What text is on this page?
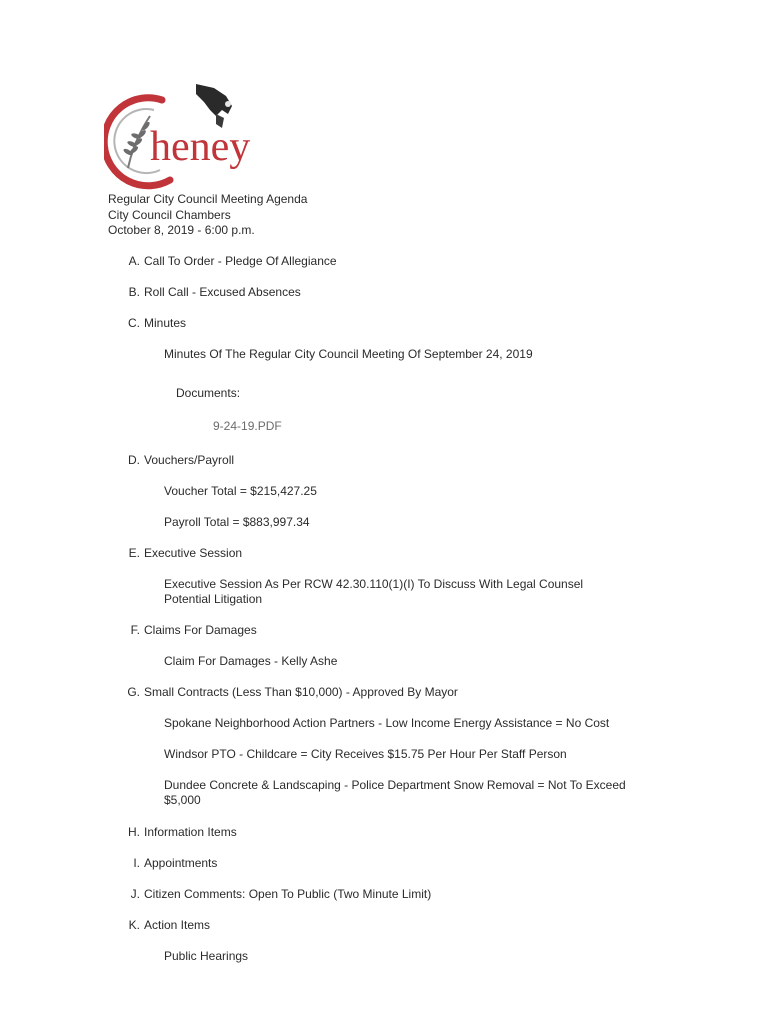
heney
Regular City Council Meeting Agenda
City Council Chambers
October 8, 2019 - 6:00 p.m.
A. Call To Order - Pledge Of Allegiance
B. Roll Call - Excused Absences
C. Minutes
Minutes Of The Regular City Council Meeting Of September 24, 2019
Documents:
9-24-19.PDF
D. Vouchers/Payroll
Voucher Total = $215,427.25
Payroll Total = $883,997.34
E. Executive Session
Executive Session As Per RCW 42.30.110(1)(I) To Discuss With Legal Counsel
Potential Litigation
F. Claims For Damages
Claim For Damages - Kelly Ashe
G. Small Contracts (Less Than $10,000) - Approved By Mayor
Spokane Neighborhood Action Partners - Low Income Energy Assistance = No Cost
Windsor PTO - Childcare = City Receives $15.75 Per Hour Per Staff Person
Dundee Concrete & Landscaping - Police Department Snow Removal = Not To Exceed
$5,000
H. Information Items
I. Appointments
J. Citizen Comments: Open To Public (Two Minute Limit)
K. Action Items
Public Hearings
